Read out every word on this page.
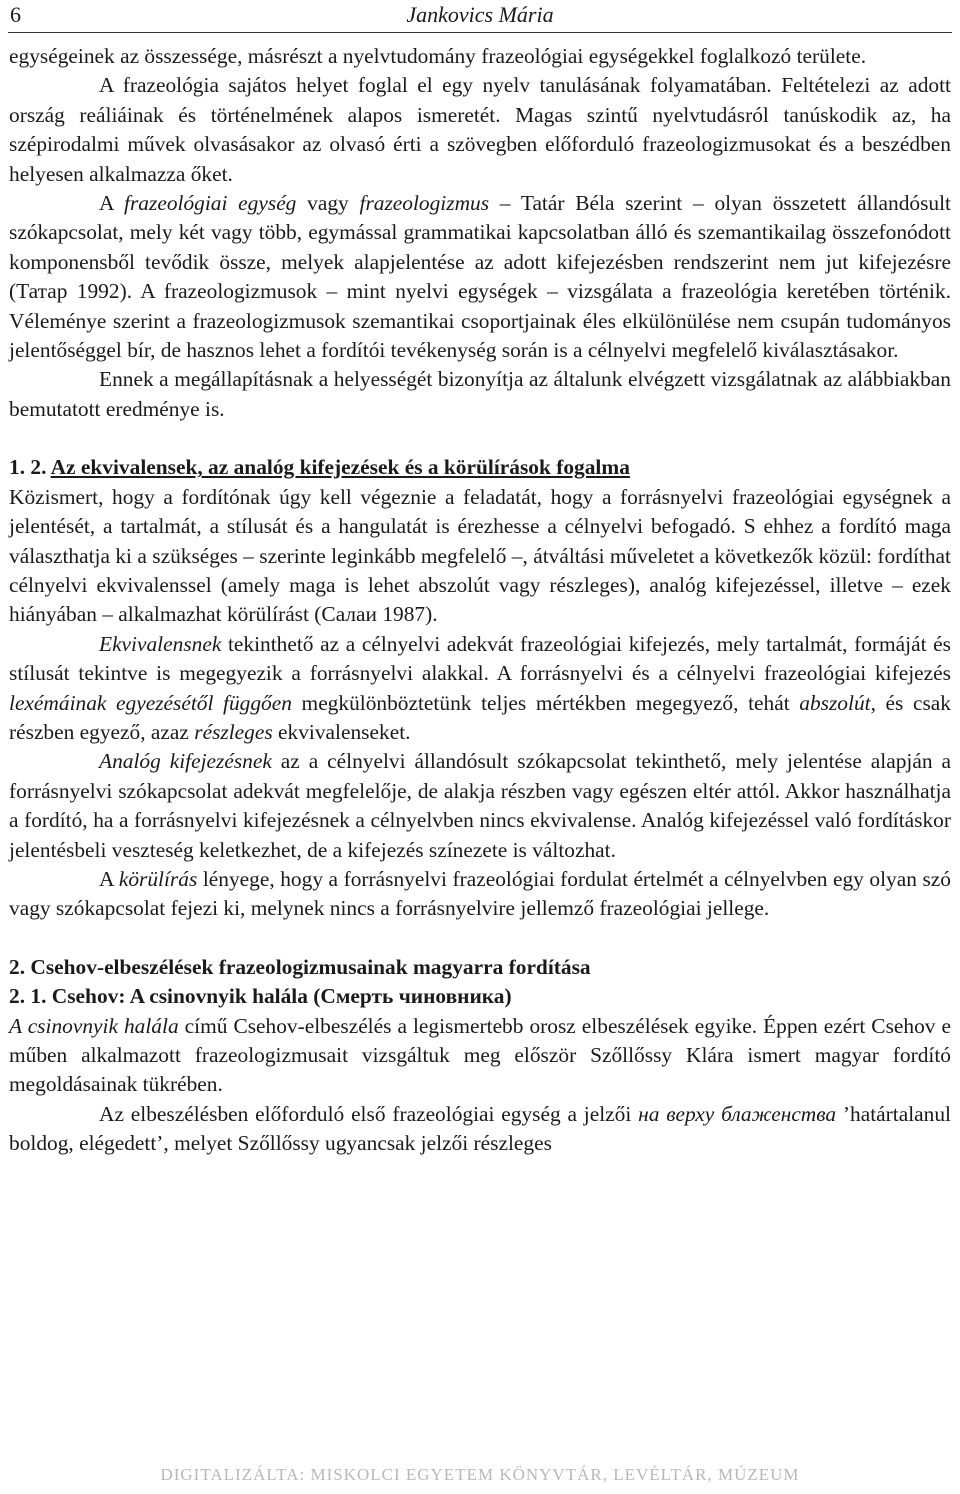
6	Jankovics Mária

egységeinek az összessége, másrészt a nyelvtudomány frazeológiai egységekkel foglalkozó területe.

A frazeológia sajátos helyet foglal el egy nyelv tanulásának folyamatában. Feltételezi az adott ország reáliáinak és történelmének alapos ismeretét. Magas szintű nyelvtudásról tanúskodik az, ha szépirodalmi művek olvasásakor az olvasó érti a szövegben előforduló frazeologizmusokat és a beszédben helyesen alkalmazza őket.

A frazeológiai egység vagy frazeologizmus – Tatár Béla szerint – olyan összetett állandósult szókapcsolat, mely két vagy több, egymással grammatikai kapcsolatban álló és szemantikailag összefonódott komponensből tevődik össze, melyek alapjelentése az adott kifejezésben rendszerint nem jut kifejezésre (Татар 1992). A frazeologizmusok – mint nyelvi egységek – vizsgálata a frazeológia keretében történik. Véleménye szerint a frazeologizmusok szemantikai csoportjainak éles elkülönülése nem csupán tudományos jelentőséggel bír, de hasznos lehet a fordítói tevékenység során is a célnyelvi megfelelő kiválasztásakor.

Ennek a megállapításnak a helyességét bizonyítja az általunk elvégzett vizsgálatnak az alábbiakban bemutatott eredménye is.

1. 2. Az ekvivalensek, az analóg kifejezések és a körülírások fogalma

Közismert, hogy a fordítónak úgy kell végeznie a feladatát, hogy a forrásnyelvi frazeológiai egységnek a jelentését, a tartalmát, a stílusát és a hangulatát is érezhesse a célnyelvi befogadó. S ehhez a fordító maga választhatja ki a szükséges – szerinte leginkább megfelelő –, átváltási műveletet a következők közül: fordíthat célnyelvi ekvivalenssel (amely maga is lehet abszolút vagy részleges), analóg kifejezéssel, illetve – ezek hiányában – alkalmazhat körülírást (Салаи 1987).

Ekvivalensnek tekinthető az a célnyelvi adekvát frazeológiai kifejezés, mely tartalmát, formáját és stílusát tekintve is megegyezik a forrásnyelvi alakkal. A forrásnyelvi és a célnyelvi frazeológiai kifejezés lexémáinak egyezésétől függően megkülönböztetünk teljes mértékben megegyező, tehát abszolút, és csak részben egyező, azaz részleges ekvivalenseket.

Analóg kifejezésnek az a célnyelvi állandósult szókapcsolat tekinthető, mely jelentése alapján a forrásnyelvi szókapcsolat adekvát megfelelője, de alakja részben vagy egészen eltér attól. Akkor használhatja a fordító, ha a forrásnyelvi kifejezésnek a célnyelvben nincs ekvivalense. Analóg kifejezéssel való fordításkor jelentésbeli veszteség keletkezhet, de a kifejezés színezete is változhat.

A körülírás lényege, hogy a forrásnyelvi frazeológiai fordulat értelmét a célnyelvben egy olyan szó vagy szókapcsolat fejezi ki, melynek nincs a forrásnyelvire jellemző frazeológiai jellege.

2. Csehov-elbeszélések frazeologizmusainak magyarra fordítása
2. 1. Csehov: A csinovnyik halála (Смерть чиновника)

A csinovnyik halála című Csehov-elbeszélés a legismertebb orosz elbeszélések egyike. Éppen ezért Csehov e műben alkalmazott frazeologizmusait vizsgáltuk meg először Szőllőssy Klára ismert magyar fordító megoldásainak tükrében.

Az elbeszélésben előforduló első frazeológiai egység a jelzői на верху блаженства ’határtalanul boldog, elégedett’, melyet Szőllőssy ugyancsak jelzői részleges

DIGITALIZÁLTA: MISKOLCI EGYETEM KÖNYVTÁR, LEVÉLTÁR, MÚZEUM
